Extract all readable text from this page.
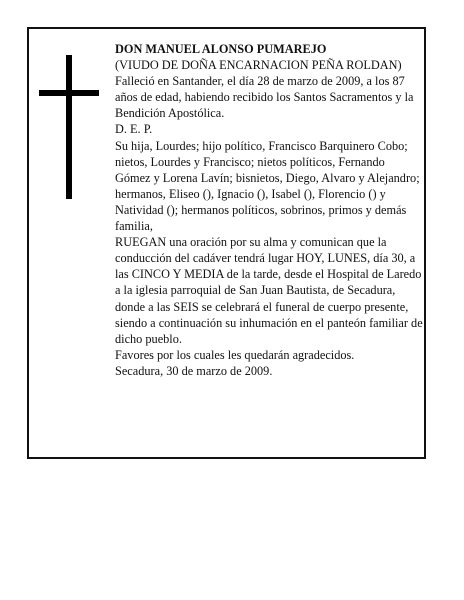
DON MANUEL ALONSO PUMAREJO

(VIUDO DE DOÑA ENCARNACION PEÑA ROLDAN)

Falleció en Santander, el día 28 de marzo de 2009, a los 87 años de edad, habiendo recibido los Santos Sacramentos y la Bendición Apostólica.

D. E. P.

Su hija, Lourdes; hijo político, Francisco Barquinero Cobo; nietos, Lourdes y Francisco; nietos políticos, Fernando Gómez y Lorena Lavín; bisnietos, Diego, Alvaro y Alejandro; hermanos, Eliseo (), Ignacio (), Isabel (), Florencio () y Natividad (); hermanos políticos, sobrinos, primos y demás familia,

RUEGAN una oración por su alma y comunican que la conducción del cadáver tendrá lugar HOY, LUNES, día 30, a las CINCO Y MEDIA de la tarde, desde el Hospital de Laredo a la iglesia parroquial de San Juan Bautista, de Secadura, donde a las SEIS se celebrará el funeral de cuerpo presente, siendo a continuación su inhumación en el panteón familiar de dicho pueblo.

Favores por los cuales les quedarán agradecidos.

Secadura, 30 de marzo de 2009.
